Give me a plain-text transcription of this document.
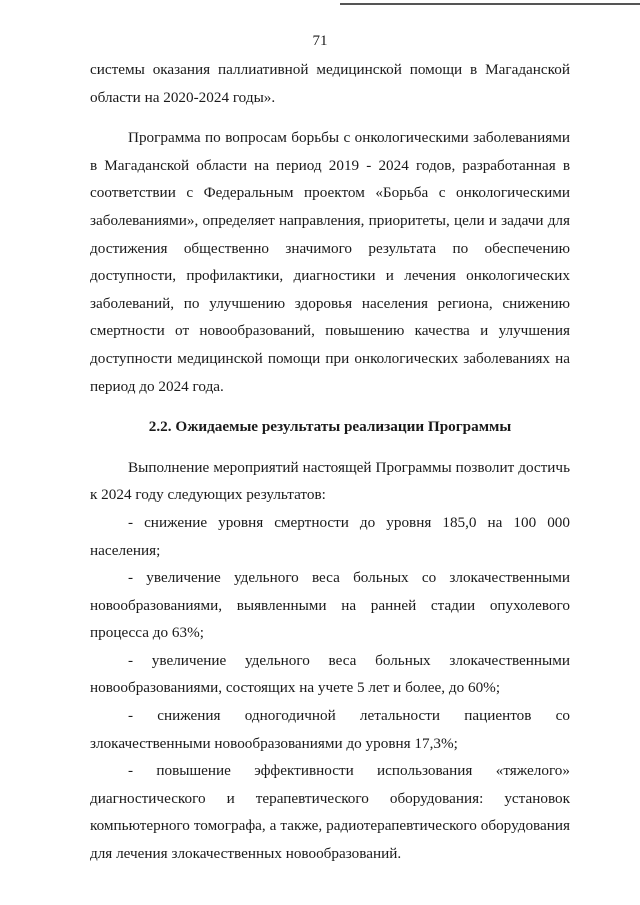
71

системы оказания паллиативной медицинской помощи в Магаданской области на 2020-2024 годы».

Программа по вопросам борьбы с онкологическими заболеваниями в Магаданской области на период 2019 - 2024 годов, разработанная в соответствии с Федеральным проектом «Борьба с онкологическими заболеваниями», определяет направления, приоритеты, цели и задачи для достижения общественно значимого результата по обеспечению доступности, профилактики, диагностики и лечения онкологических заболеваний, по улучшению здоровья населения региона, снижению смертности от новообразований, повышению качества и улучшения доступности медицинской помощи при онкологических заболеваниях на период до 2024 года.

2.2. Ожидаемые результаты реализации Программы

Выполнение мероприятий настоящей Программы позволит достичь к 2024 году следующих результатов:

- снижение уровня смертности до уровня 185,0 на 100 000 населения;

- увеличение удельного веса больных со злокачественными новообразованиями, выявленными на ранней стадии опухолевого процесса до 63%;

- увеличение удельного веса больных злокачественными новообразованиями, состоящих на учете 5 лет и более, до 60%;

- снижения одногодичной летальности пациентов со злокачественными новообразованиями до уровня 17,3%;

- повышение эффективности использования «тяжелого» диагностического и терапевтического оборудования: установок компьютерного томографа, а также, радиотерапевтического оборудования для лечения злокачественных новообразований.
